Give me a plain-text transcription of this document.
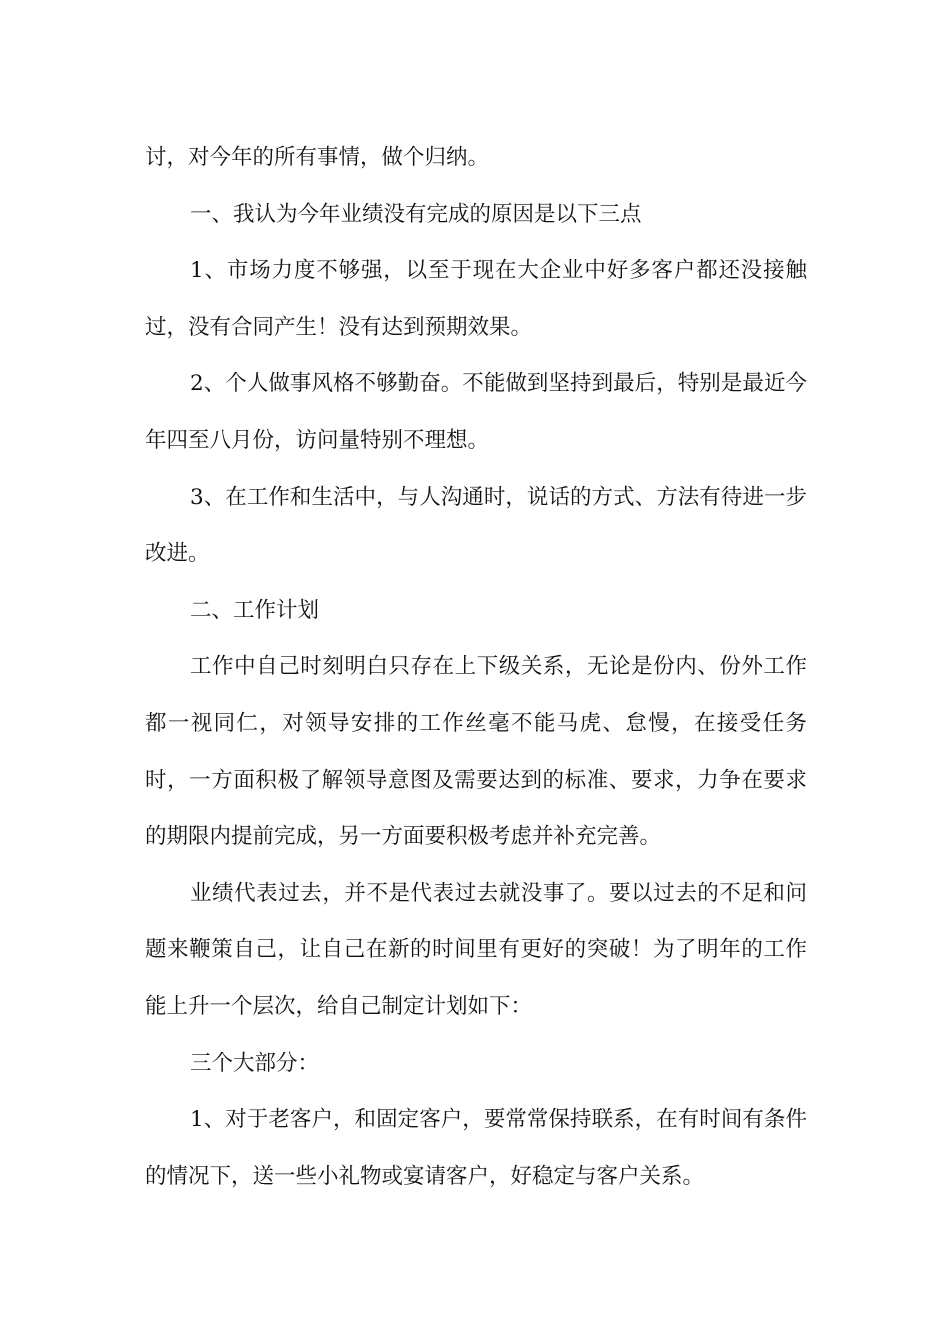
讨，对今年的所有事情，做个归纳。

一、我认为今年业绩没有完成的原因是以下三点

1、市场力度不够强，以至于现在大企业中好多客户都还没接触过，没有合同产生！没有达到预期效果。

2、个人做事风格不够勤奋。不能做到坚持到最后，特别是最近今年四至八月份，访问量特别不理想。

3、在工作和生活中，与人沟通时，说话的方式、方法有待进一步改进。

二、工作计划

工作中自己时刻明白只存在上下级关系，无论是份内、份外工作都一视同仁，对领导安排的工作丝毫不能马虎、怠慢，在接受任务时，一方面积极了解领导意图及需要达到的标准、要求，力争在要求的期限内提前完成，另一方面要积极考虑并补充完善。

业绩代表过去，并不是代表过去就没事了。要以过去的不足和问题来鞭策自己，让自己在新的时间里有更好的突破！为了明年的工作能上升一个层次，给自己制定计划如下：

三个大部分：

1、对于老客户，和固定客户，要常常保持联系，在有时间有条件的情况下，送一些小礼物或宴请客户，好稳定与客户关系。
